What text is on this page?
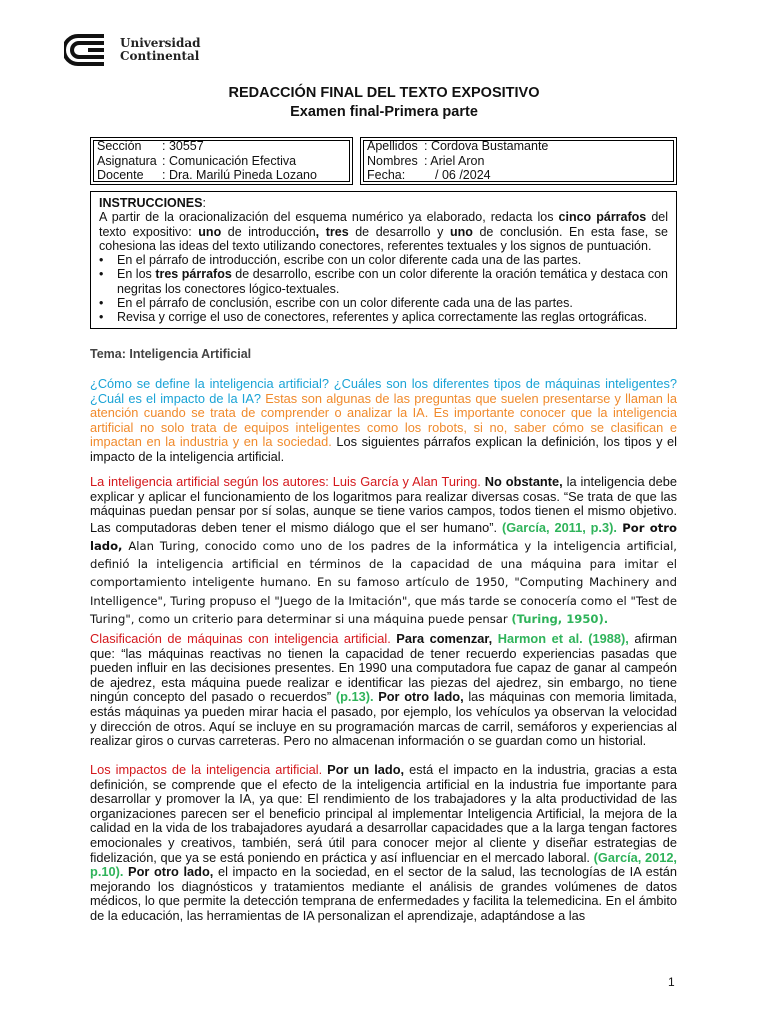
Universidad
Continental
REDACCIÓN FINAL DEL TEXTO EXPOSITIVO
Examen final-Primera parte
Sección	: 30557
Asignatura : Comunicación Efectiva
Docente	: Dra. Marilú Pineda Lozano
Apellidos : Cordova Bustamante
Nombres : Ariel Aron
Fecha:	/ 06 /2024
INSTRUCCIONES:
A partir de la oracionalización del esquema numérico ya elaborado, redacta los cinco párrafos del texto expositivo: uno de introducción, tres de desarrollo y uno de conclusión. En esta fase, se cohesiona las ideas del texto utilizando conectores, referentes textuales y los signos de puntuación.
• En el párrafo de introducción, escribe con un color diferente cada una de las partes.
• En los tres párrafos de desarrollo, escribe con un color diferente la oración temática y destaca con negritas los conectores lógico-textuales.
• En el párrafo de conclusión, escribe con un color diferente cada una de las partes.
• Revisa y corrige el uso de conectores, referentes y aplica correctamente las reglas ortográficas.
Tema: Inteligencia Artificial
¿Cómo se define la inteligencia artificial? ¿Cuáles son los diferentes tipos de máquinas inteligentes? ¿Cuál es el impacto de la IA? Estas son algunas de las preguntas que suelen presentarse y llaman la atención cuando se trata de comprender o analizar la IA. Es importante conocer que la inteligencia artificial no solo trata de equipos inteligentes como los robots, si no, saber cómo se clasifican e impactan en la industria y en la sociedad. Los siguientes párrafos explican la definición, los tipos y el impacto de la inteligencia artificial.
La inteligencia artificial según los autores: Luis García y Alan Turing. No obstante, la inteligencia debe explicar y aplicar el funcionamiento de los logaritmos para realizar diversas cosas. “Se trata de que las máquinas puedan pensar por sí solas, aunque se tiene varios campos, todos tienen el mismo objetivo. Las computadoras deben tener el mismo diálogo que el ser humano”. (García, 2011, p.3). Por otro lado, Alan Turing, conocido como uno de los padres de la informática y la inteligencia artificial, definió la inteligencia artificial en términos de la capacidad de una máquina para imitar el comportamiento inteligente humano. En su famoso artículo de 1950, "Computing Machinery and Intelligence", Turing propuso el "Juego de la Imitación", que más tarde se conocería como el "Test de Turing", como un criterio para determinar si una máquina puede pensar (Turing, 1950).
Clasificación de máquinas con inteligencia artificial. Para comenzar, Harmon et al. (1988), afirman que: “las máquinas reactivas no tienen la capacidad de tener recuerdo experiencias pasadas que pueden influir en las decisiones presentes. En 1990 una computadora fue capaz de ganar al campeón de ajedrez, esta máquina puede realizar e identificar las piezas del ajedrez, sin embargo, no tiene ningún concepto del pasado o recuerdos” (p.13). Por otro lado, las máquinas con memoria limitada, estás máquinas ya pueden mirar hacia el pasado, por ejemplo, los vehículos ya observan la velocidad y dirección de otros. Aquí se incluye en su programación marcas de carril, semáforos y experiencias al realizar giros o curvas carreteras. Pero no almacenan información o se guardan como un historial.
Los impactos de la inteligencia artificial. Por un lado, está el impacto en la industria, gracias a esta definición, se comprende que el efecto de la inteligencia artificial en la industria fue importante para desarrollar y promover la IA, ya que: El rendimiento de los trabajadores y la alta productividad de las organizaciones parecen ser el beneficio principal al implementar Inteligencia Artificial, la mejora de la calidad en la vida de los trabajadores ayudará a desarrollar capacidades que a la larga tengan factores emocionales y creativos, también, será útil para conocer mejor al cliente y diseñar estrategias de fidelización, que ya se está poniendo en práctica y así influenciar en el mercado laboral. (García, 2012, p.10). Por otro lado, el impacto en la sociedad, en el sector de la salud, las tecnologías de IA están mejorando los diagnósticos y tratamientos mediante el análisis de grandes volúmenes de datos médicos, lo que permite la detección temprana de enfermedades y facilita la telemedicina. En el ámbito de la educación, las herramientas de IA personalizan el aprendizaje, adaptándose a las
1
